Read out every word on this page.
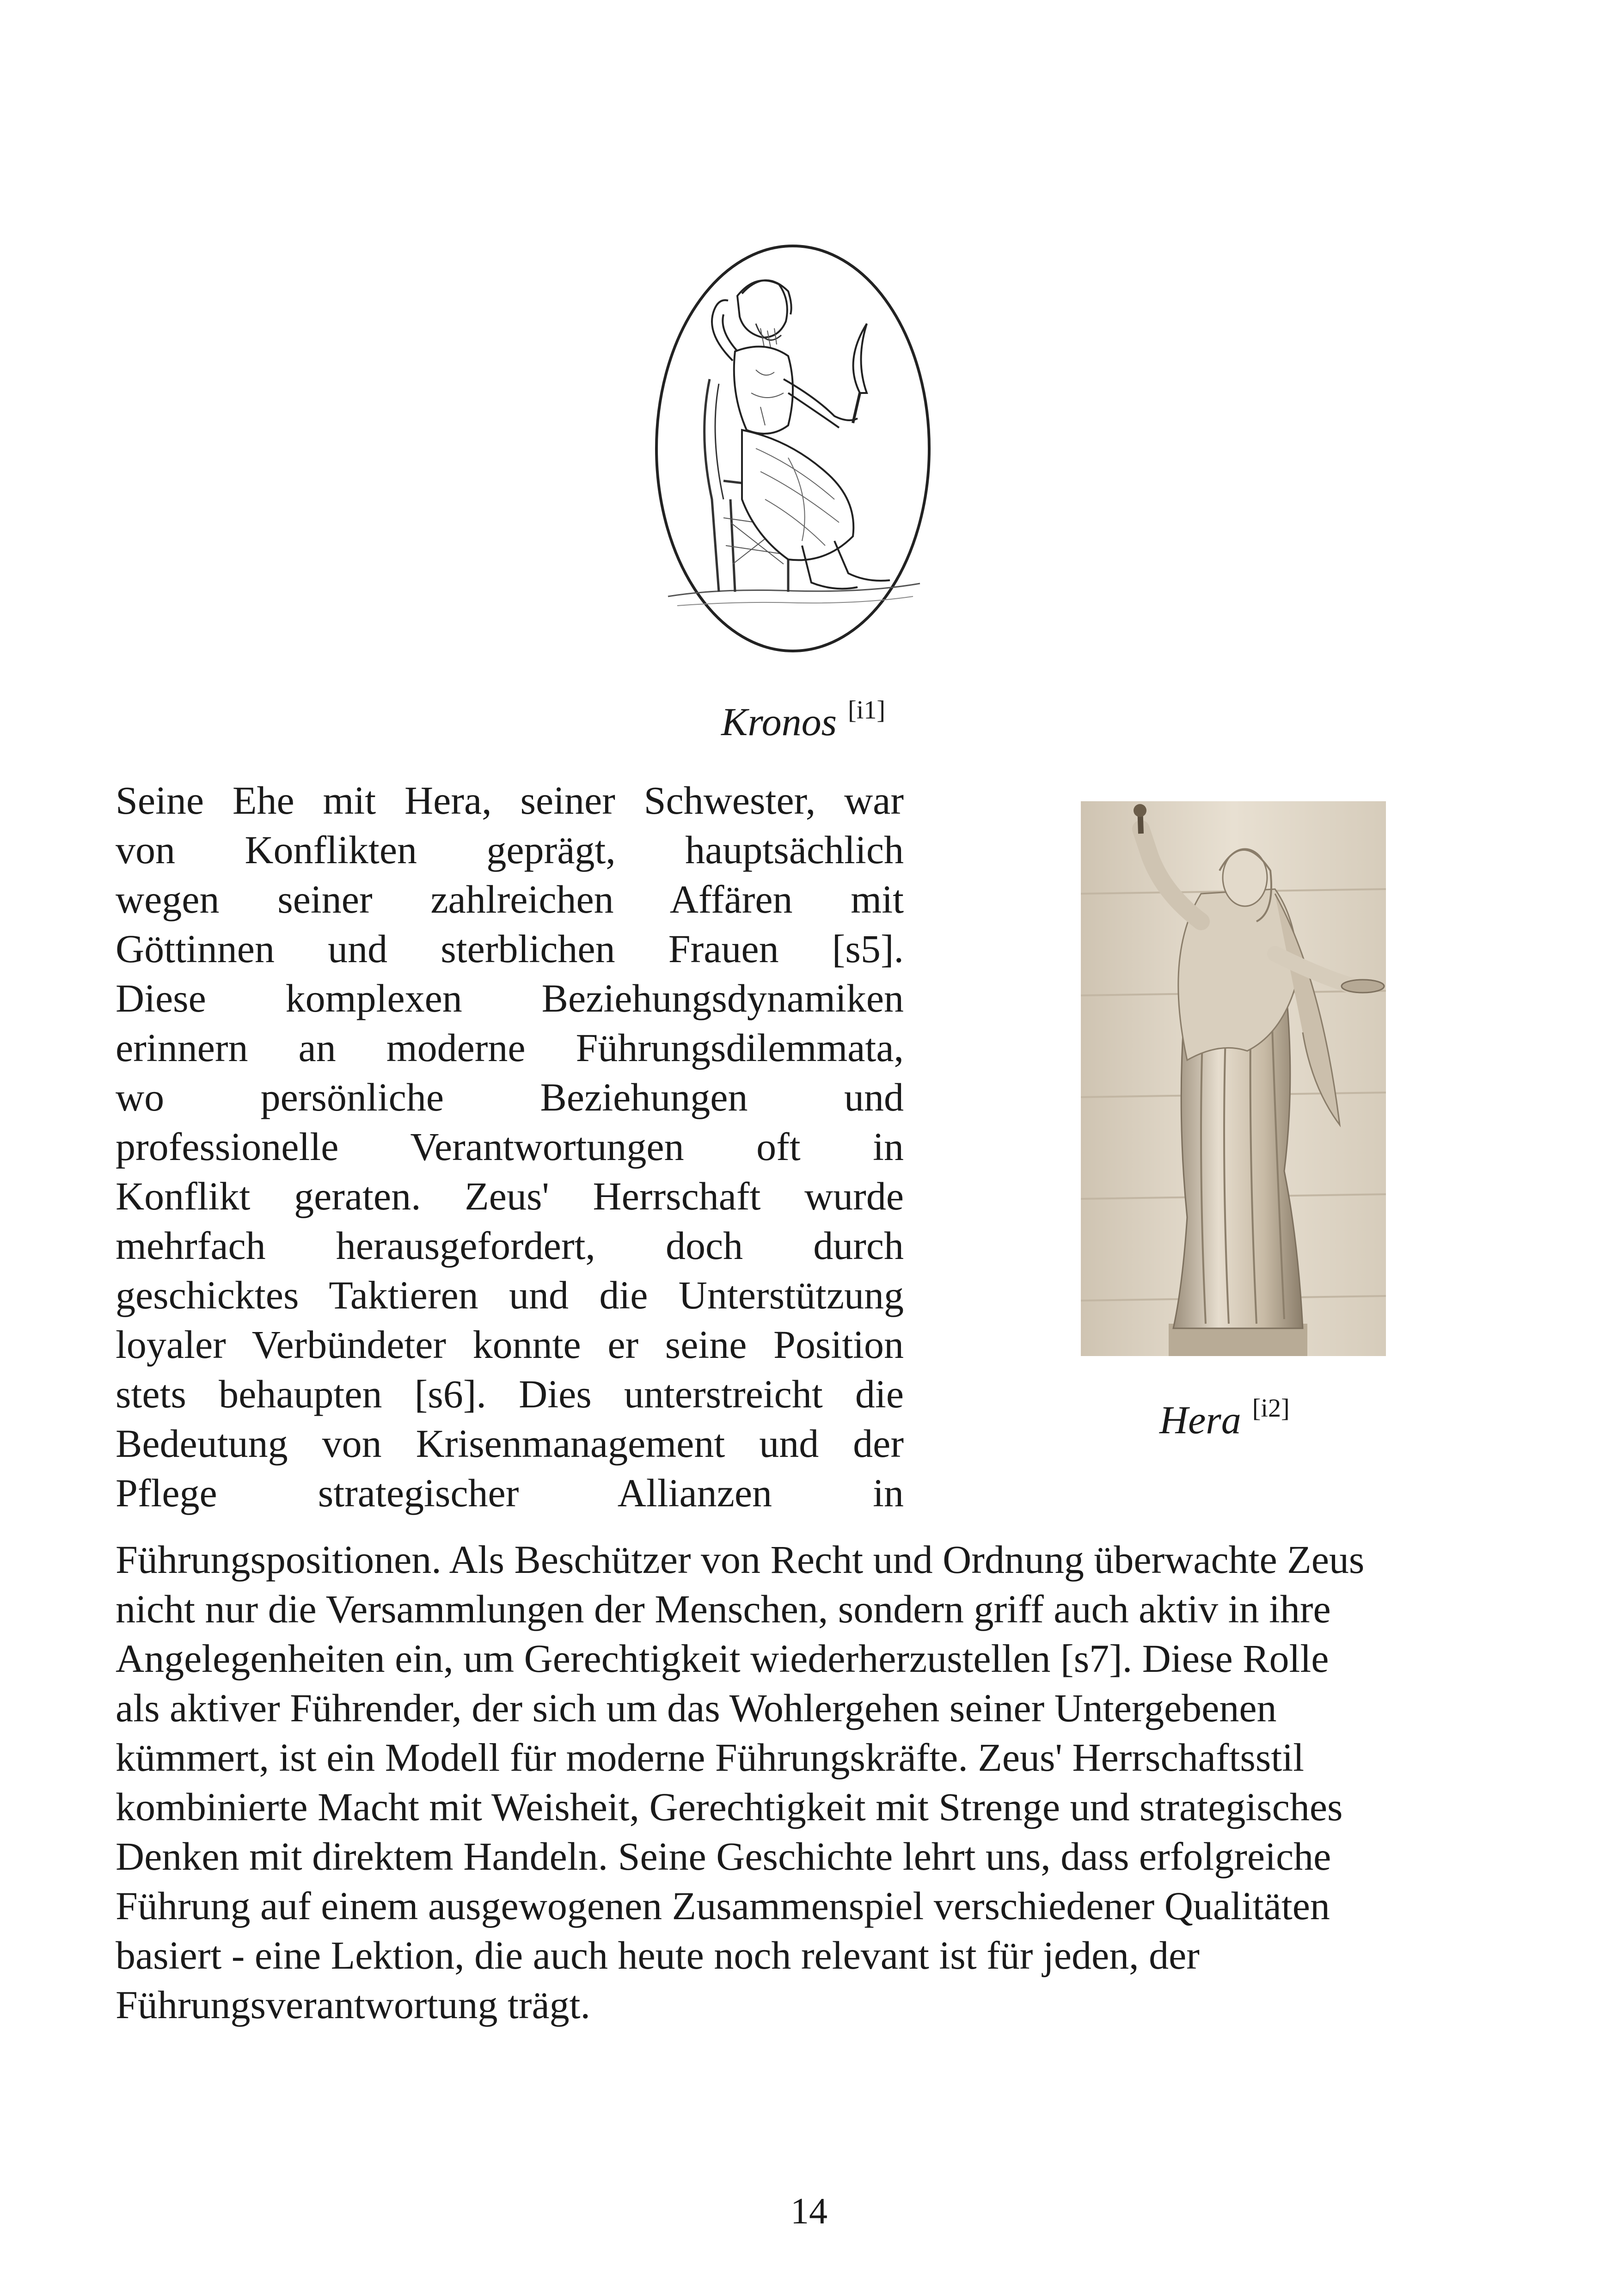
Kronos [i1]
Hera [i2]
Seine Ehe mit Hera, seiner Schwester, war
von Konflikten geprägt, hauptsächlich
wegen seiner zahlreichen Affären mit
Göttinnen und sterblichen Frauen [s5].
Diese komplexen Beziehungsdynamiken
erinnern an moderne Führungsdilemmata,
wo persönliche Beziehungen und
professionelle Verantwortungen oft in
Konflikt geraten. Zeus' Herrschaft wurde
mehrfach herausgefordert, doch durch
geschicktes Taktieren und die Unterstützung
loyaler Verbündeter konnte er seine Position
stets behaupten [s6]. Dies unterstreicht die
Bedeutung von Krisenmanagement und der
Pflege strategischer Allianzen in
Führungspositionen. Als Beschützer von Recht und Ordnung überwachte Zeus
nicht nur die Versammlungen der Menschen, sondern griff auch aktiv in ihre
Angelegenheiten ein, um Gerechtigkeit wiederherzustellen [s7]. Diese Rolle
als aktiver Führender, der sich um das Wohlergehen seiner Untergebenen
kümmert, ist ein Modell für moderne Führungskräfte. Zeus' Herrschaftsstil
kombinierte Macht mit Weisheit, Gerechtigkeit mit Strenge und strategisches
Denken mit direktem Handeln. Seine Geschichte lehrt uns, dass erfolgreiche
Führung auf einem ausgewogenen Zusammenspiel verschiedener Qualitäten
basiert - eine Lektion, die auch heute noch relevant ist für jeden, der
Führungsverantwortung trägt.
14
